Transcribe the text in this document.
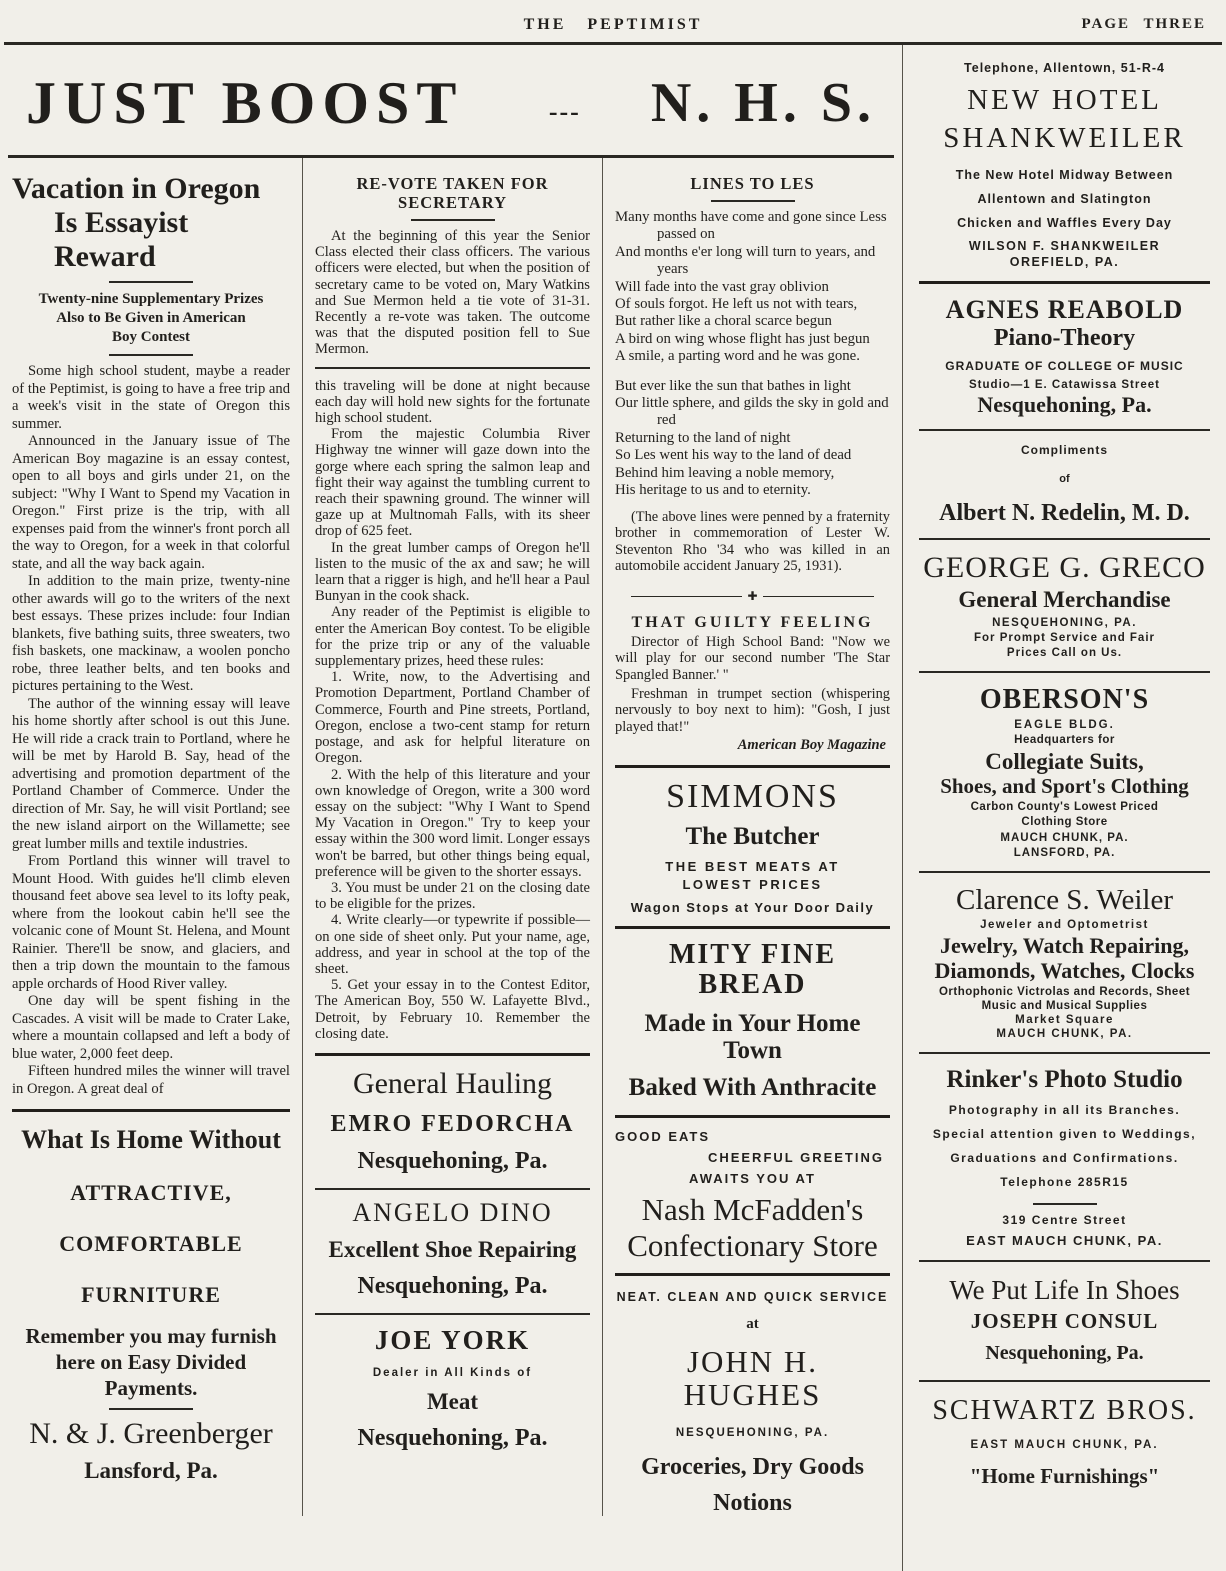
THE PEPTIMIST	PAGE THREE
JUST BOOST	--- N. H. S.
Vacation in Oregon
Is Essayist Reward
Twenty-nine Supplementary Prizes
Also to Be Given in American
Boy Contest

Some high school student, maybe a reader of the Peptimist, is going to have a free trip and a week's visit in the state of Oregon this summer.

Announced in the January issue of The American Boy magazine is an essay contest, open to all boys and girls under 21, on the subject: "Why I Want to Spend my Vacation in Oregon." First prize is the trip, with all expenses paid from the winner's front porch all the way to Oregon, for a week in that colorful state, and all the way back again.

In addition to the main prize, twenty-nine other awards will go to the writers of the next best essays. These prizes include: four Indian blankets, five bathing suits, three sweaters, two fish baskets, one mackinaw, a woolen poncho robe, three leather belts, and ten books and pictures pertaining to the West.

The author of the winning essay will leave his home shortly after school is out this June. He will ride a crack train to Portland, where he will be met by Harold B. Say, head of the advertising and promotion department of the Portland Chamber of Commerce. Under the direction of Mr. Say, he will visit Portland; see the new island airport on the Willamette; see great lumber mills and textile industries.

From Portland this winner will travel to Mount Hood. With guides he'll climb eleven thousand feet above sea level to its lofty peak, where from the lookout cabin he'll see the volcanic cone of Mount St. Helena, and Mount Rainier. There'll be snow, and glaciers, and then a trip down the mountain to the famous apple orchards of Hood River valley.

One day will be spent fishing in the Cascades. A visit will be made to Crater Lake, where a mountain collapsed and left a body of blue water, 2,000 feet deep.

Fifteen hundred miles the winner will travel in Oregon. A great deal of

What Is Home Without
ATTRACTIVE,
COMFORTABLE
FURNITURE
Remember you may furnish here on Easy Divided Payments.
N. & J. Greenberger
Lansford, Pa.
RE-VOTE TAKEN FOR SECRETARY

At the beginning of this year the Senior Class elected their class officers. The various officers were elected, but when the position of secretary came to be voted on, Mary Watkins and Sue Mermon held a tie vote of 31-31. Recently a re-vote was taken. The outcome was that the disputed position fell to Sue Mermon.

this traveling will be done at night because each day will hold new sights for the fortunate high school student.

From the majestic Columbia River Highway tne winner will gaze down into the gorge where each spring the salmon leap and fight their way against the tumbling current to reach their spawning ground. The winner will gaze up at Multnomah Falls, with its sheer drop of 625 feet.

In the great lumber camps of Oregon he'll listen to the music of the ax and saw; he will learn that a rigger is high, and he'll hear a Paul Bunyan in the cook shack.

Any reader of the Peptimist is eligible to enter the American Boy contest. To be eligible for the prize trip or any of the valuable supplementary prizes, heed these rules:

1. Write, now, to the Advertising and Promotion Department, Portland Chamber of Commerce, Fourth and Pine streets, Portland, Oregon, enclose a two-cent stamp for return postage, and ask for helpful literature on Oregon.

2. With the help of this literature and your own knowledge of Oregon, write a 300 word essay on the subject: "Why I Want to Spend My Vacation in Oregon." Try to keep your essay within the 300 word limit. Longer essays won't be barred, but other things being equal, preference will be given to the shorter essays.

3. You must be under 21 on the closing date to be eligible for the prizes.

4. Write clearly—or typewrite if possible—on one side of sheet only. Put your name, age, address, and year in school at the top of the sheet.

5. Get your essay in to the Contest Editor, The American Boy, 550 W. Lafayette Blvd., Detroit, by February 10. Remember the closing date.

General Hauling
EMRO FEDORCHA
Nesquehoning, Pa.
ANGELO DINO
Excellent Shoe Repairing
Nesquehoning, Pa.
JOE YORK
Dealer in All Kinds of
Meat
Nesquehoning, Pa.
LINES TO LES

Many months have come and gone since Less passed on

And months e'er long will turn to years, and years

Will fade into the vast gray oblivion

Of souls forgot. He left us not with tears,

But rather like a choral scarce begun

A bird on wing whose flight has just begun

A smile, a parting word and he was gone.

But ever like the sun that bathes in light

Our little sphere, and gilds the sky in gold and red

Returning to the land of night

So Les went his way to the land of dead

Behind him leaving a noble memory,

His heritage to us and to eternity.

(The above lines were penned by a fraternity brother in commemoration of Lester W. Steventon Rho '34 who was killed in an automobile accident January 25, 1931).

✚
THAT GUILTY FEELING

Director of High School Band: "Now we will play for our second number 'The Star Spangled Banner.' "

Freshman in trumpet section (whispering nervously to boy next to him): "Gosh, I just played that!"

American Boy Magazine
SIMMONS
The Butcher
THE BEST MEATS AT LOWEST PRICES
Wagon Stops at Your Door Daily
MITY FINE BREAD
Made in Your Home Town
Baked With Anthracite
GOOD EATS
CHEERFUL GREETING
AWAITS YOU AT
Nash McFadden's
Confectionary Store
NEAT. CLEAN AND QUICK SERVICE
at
JOHN H. HUGHES
NESQUEHONING, PA.
Groceries, Dry Goods
Notions
Telephone, Allentown, 51-R-4
NEW HOTEL
SHANKWEILER
The New Hotel Midway Between
Allentown and Slatington
Chicken and Waffles Every Day
WILSON F. SHANKWEILER
OREFIELD, PA.
AGNES REABOLD
Piano-Theory
GRADUATE OF COLLEGE OF MUSIC
Studio—1 E. Catawissa Street
Nesquehoning, Pa.
Compliments
of
Albert N. Redelin, M. D.
GEORGE G. GRECO
General Merchandise
NESQUEHONING, PA.
For Prompt Service and Fair
Prices Call on Us.
OBERSON'S
EAGLE BLDG.
Headquarters for
Collegiate Suits,
Shoes, and Sport's Clothing
Carbon County's Lowest Priced
Clothing Store
MAUCH CHUNK, PA.
LANSFORD, PA.
Clarence S. Weiler
Jeweler and Optometrist
Jewelry, Watch Repairing,
Diamonds, Watches, Clocks
Orthophonic Victrolas and Records, Sheet
Music and Musical Supplies
Market Square
MAUCH CHUNK, PA.
Rinker's Photo Studio
Photography in all its Branches.
Special attention given to Weddings,
Graduations and Confirmations.
Telephone 285R15
319 Centre Street
EAST MAUCH CHUNK, PA.
We Put Life In Shoes
JOSEPH CONSUL
Nesquehoning, Pa.
SCHWARTZ BROS.
EAST MAUCH CHUNK, PA.
"Home Furnishings"
